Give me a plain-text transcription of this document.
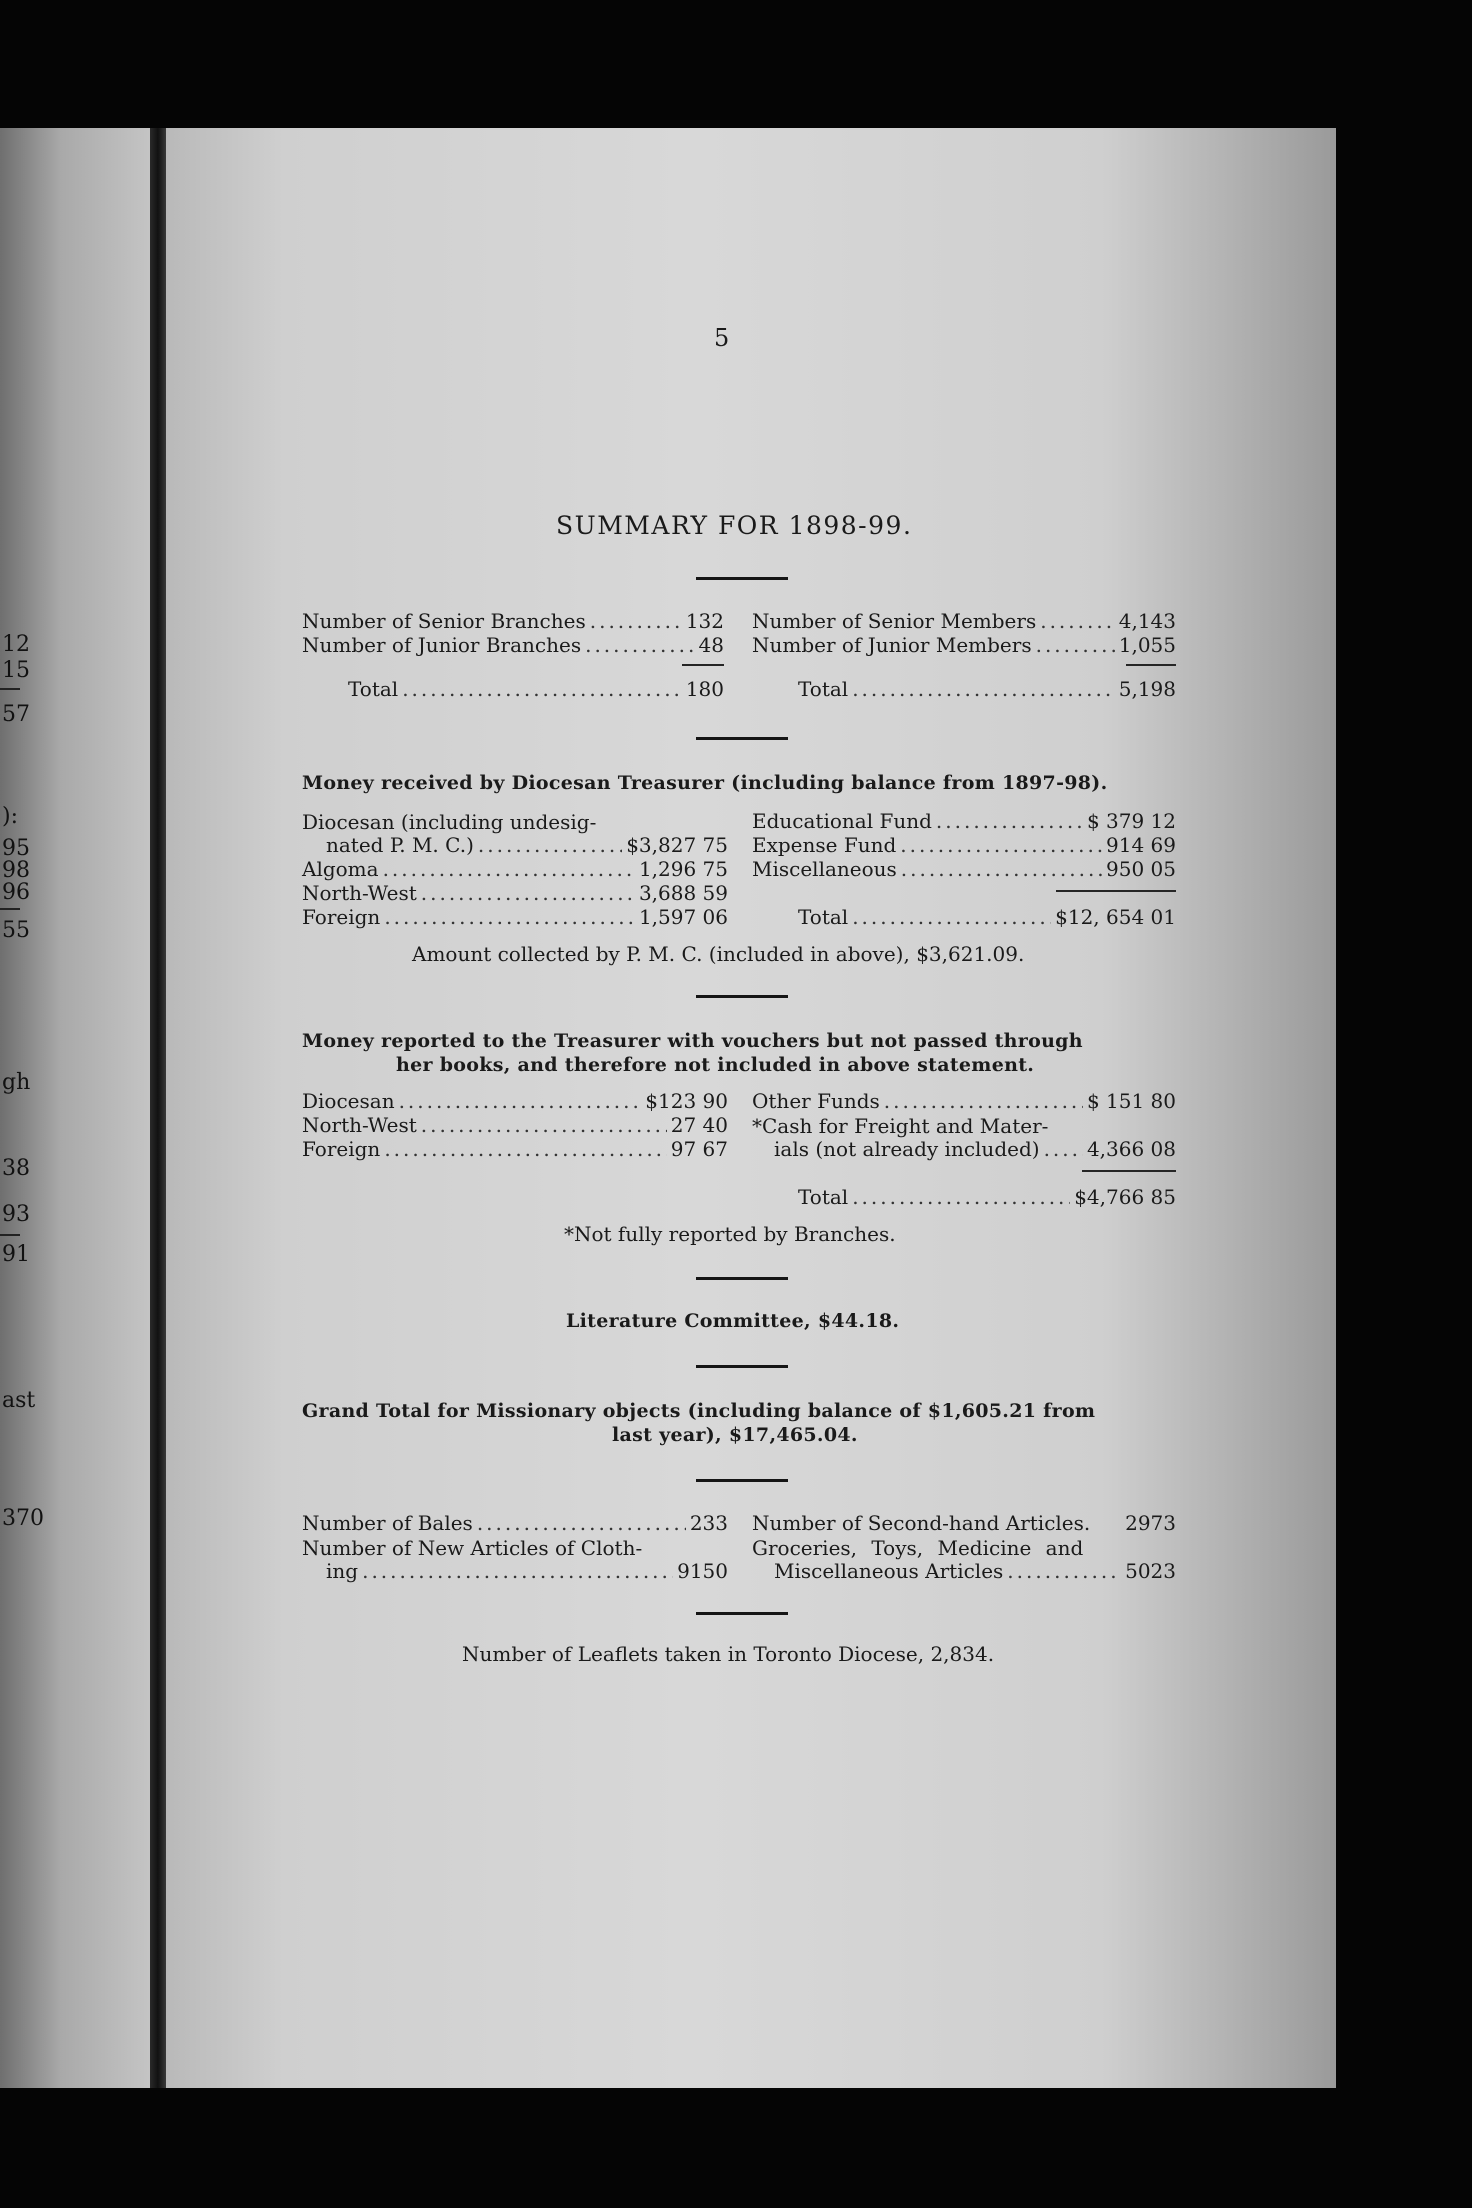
12
15
57
):
95
98
96
55
gh
38
93
91
ast
370
5
SUMMARY FOR 1898-99.
Number of Senior Branches .....	132
Number of Junior Branches .....	48
Total .....	180
Number of Senior Members .....	4,143
Number of Junior Members .....	1,055
Total .....	5,198
Money received by Diocesan Treasurer (including balance from 1897-98).
Diocesan (including undesig-
nated P. M. C.) .....	$3,827 75
Algoma .....	1,296 75
North-West .....	3,688 59
Foreign .....	1,597 06
Educational Fund .....	$ 379 12
Expense Fund .....	914 69
Miscellaneous .....	950 05
Total .....	$12, 654 01
Amount collected by P. M. C. (included in above), $3,621.09.
Money reported to the Treasurer with vouchers but not passed through
her books, and therefore not included in above statement.
Diocesan .....	$123 90
North-West .....	27 40
Foreign .....	97 67
Other Funds .....	$ 151 80
*Cash for Freight and Mater-
ials (not already included) ..... 4,366 08
Total .....	$4,766 85
*Not fully reported by Branches.
Literature Committee, $44.18.
Grand Total for Missionary objects (including balance of $1,605.21 from
last year), $17,465.04.
Number of Bales .....	233
Number of New Articles of Cloth-
ing .....	9150
Number of Second-hand Articles. 2973
Groceries, Toys, Medicine and
Miscellaneous Articles .....	5023
Number of Leaflets taken in Toronto Diocese, 2,834.
